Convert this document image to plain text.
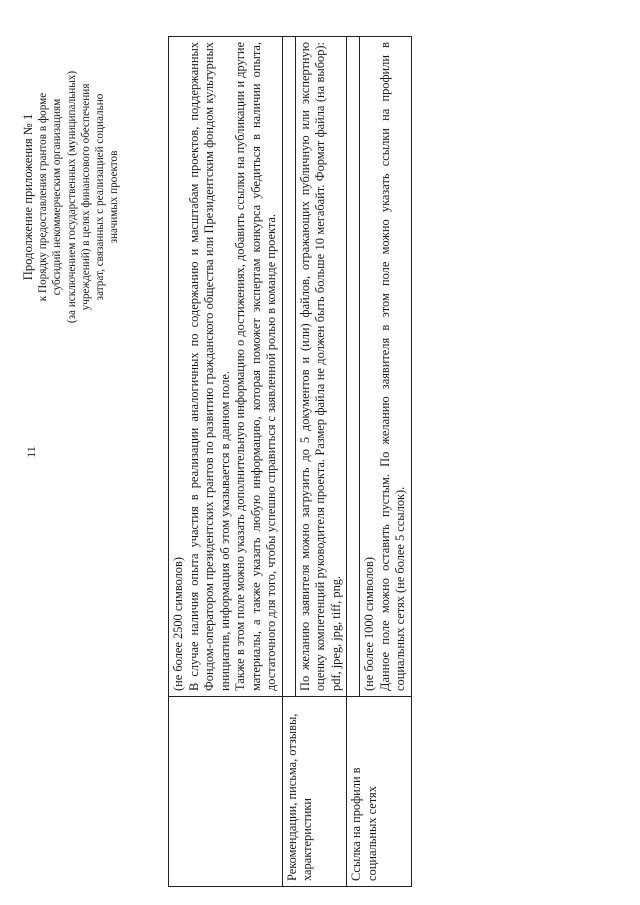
11
Продолжение приложения № 1 к Порядку предоставления грантов в форме субсидий некоммерческим организациям (за исключением государственных (муниципальных) учреждений) в целях финансового обеспечения затрат, связанных с реализацией социально значимых проектов

	(не более 2500 символов) В случае наличия опыта участия в реализации аналогичных по содержанию и масштабам проектов, поддержанных Фондом-оператором президентских грантов по развитию гражданского общества или Президентским фондом культурных инициатив, информация об этом указывается в данном поле. Также в этом поле можно указать дополнительную информацию о достижениях, добавить ссылки на публикации и другие материалы, а также указать любую информацию, которая поможет экспертам конкурса убедиться в наличии опыта, достаточного для того, чтобы успешно справиться с заявленной ролью в команде проекта.

Рекомендации, письма, отзывы, характеристики	
	По желанию заявителя можно загрузить до 5 документов и (или) файлов, отражающих публичную или экспертную оценку компетенций руководителя проекта. Размер файла не должен быть больше 10 мегабайт. Формат файла (на выбор): pdf, jpeg, jpg, tiff, png.
Ссылка на профили в социальных сетях	

	(не более 1000 символов) Данное поле можно оставить пустым. По желанию заявителя в этом поле можно указать ссылки на профили в социальных сетях (не более 5 ссылок).
